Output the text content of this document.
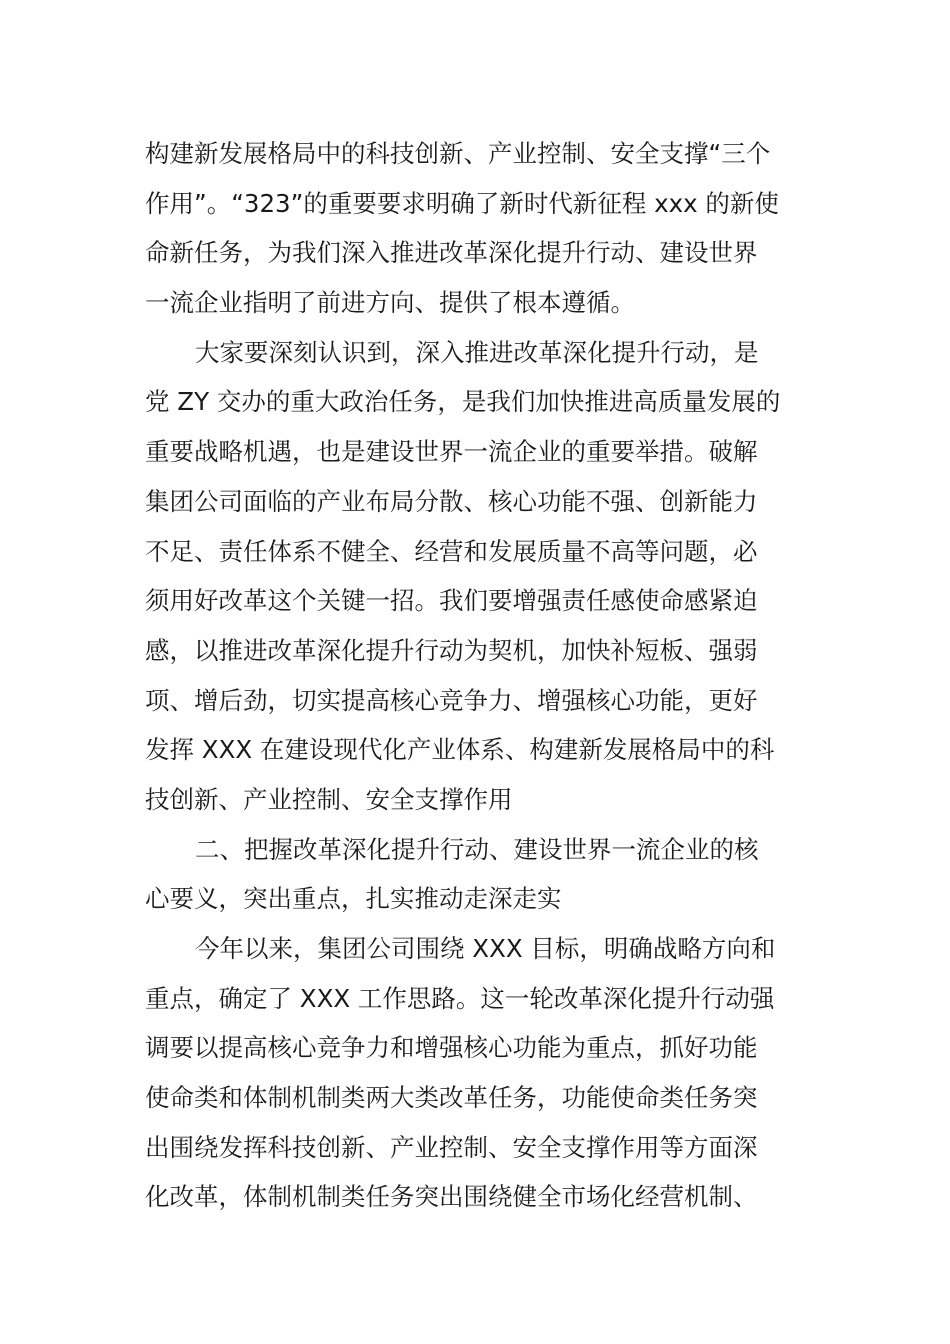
构建新发展格局中的科技创新、产业控制、安全支撑“三个
作用”。“323”的重要要求明确了新时代新征程 xxx 的新使
命新任务，为我们深入推进改革深化提升行动、建设世界
一流企业指明了前进方向、提供了根本遵循。
大家要深刻认识到，深入推进改革深化提升行动，是
党 ZY 交办的重大政治任务，是我们加快推进高质量发展的
重要战略机遇，也是建设世界一流企业的重要举措。破解
集团公司面临的产业布局分散、核心功能不强、创新能力
不足、责任体系不健全、经营和发展质量不高等问题，必
须用好改革这个关键一招。我们要增强责任感使命感紧迫
感，以推进改革深化提升行动为契机，加快补短板、强弱
项、增后劲，切实提高核心竞争力、增强核心功能，更好
发挥 XXX 在建设现代化产业体系、构建新发展格局中的科
技创新、产业控制、安全支撑作用
二、把握改革深化提升行动、建设世界一流企业的核
心要义，突出重点，扎实推动走深走实
今年以来，集团公司围绕 XXX 目标，明确战略方向和
重点，确定了 XXX 工作思路。这一轮改革深化提升行动强
调要以提高核心竞争力和增强核心功能为重点，抓好功能
使命类和体制机制类两大类改革任务，功能使命类任务突
出围绕发挥科技创新、产业控制、安全支撑作用等方面深
化改革，体制机制类任务突出围绕健全市场化经营机制、
